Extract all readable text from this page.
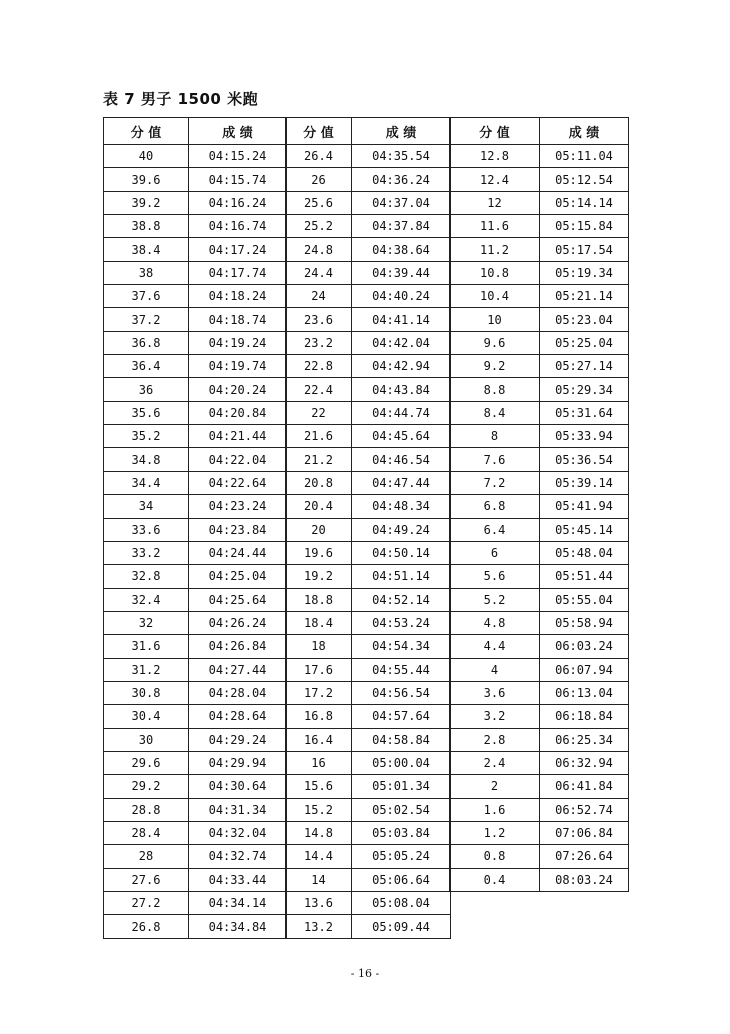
表 7 男子 1500 米跑
分 值	成 绩
40	04:15.24
39.6	04:15.74
39.2	04:16.24
38.8	04:16.74
38.4	04:17.24
38	04:17.74
37.6	04:18.24
37.2	04:18.74
36.8	04:19.24
36.4	04:19.74
36	04:20.24
35.6	04:20.84
35.2	04:21.44
34.8	04:22.04
34.4	04:22.64
34	04:23.24
33.6	04:23.84
33.2	04:24.44
32.8	04:25.04
32.4	04:25.64
32	04:26.24
31.6	04:26.84
31.2	04:27.44
30.8	04:28.04
30.4	04:28.64
30	04:29.24
29.6	04:29.94
29.2	04:30.64
28.8	04:31.34
28.4	04:32.04
28	04:32.74
27.6	04:33.44
27.2	04:34.14
26.8	04:34.84
分 值	成 绩
26.4	04:35.54
26	04:36.24
25.6	04:37.04
25.2	04:37.84
24.8	04:38.64
24.4	04:39.44
24	04:40.24
23.6	04:41.14
23.2	04:42.04
22.8	04:42.94
22.4	04:43.84
22	04:44.74
21.6	04:45.64
21.2	04:46.54
20.8	04:47.44
20.4	04:48.34
20	04:49.24
19.6	04:50.14
19.2	04:51.14
18.8	04:52.14
18.4	04:53.24
18	04:54.34
17.6	04:55.44
17.2	04:56.54
16.8	04:57.64
16.4	04:58.84
16	05:00.04
15.6	05:01.34
15.2	05:02.54
14.8	05:03.84
14.4	05:05.24
14	05:06.64
13.6	05:08.04
13.2	05:09.44
分 值	成 绩
12.8	05:11.04
12.4	05:12.54
12	05:14.14
11.6	05:15.84
11.2	05:17.54
10.8	05:19.34
10.4	05:21.14
10	05:23.04
9.6	05:25.04
9.2	05:27.14
8.8	05:29.34
8.4	05:31.64
8	05:33.94
7.6	05:36.54
7.2	05:39.14
6.8	05:41.94
6.4	05:45.14
6	05:48.04
5.6	05:51.44
5.2	05:55.04
4.8	05:58.94
4.4	06:03.24
4	06:07.94
3.6	06:13.04
3.2	06:18.84
2.8	06:25.34
2.4	06:32.94
2	06:41.84
1.6	06:52.74
1.2	07:06.84
0.8	07:26.64
0.4	08:03.24
- 16 -
